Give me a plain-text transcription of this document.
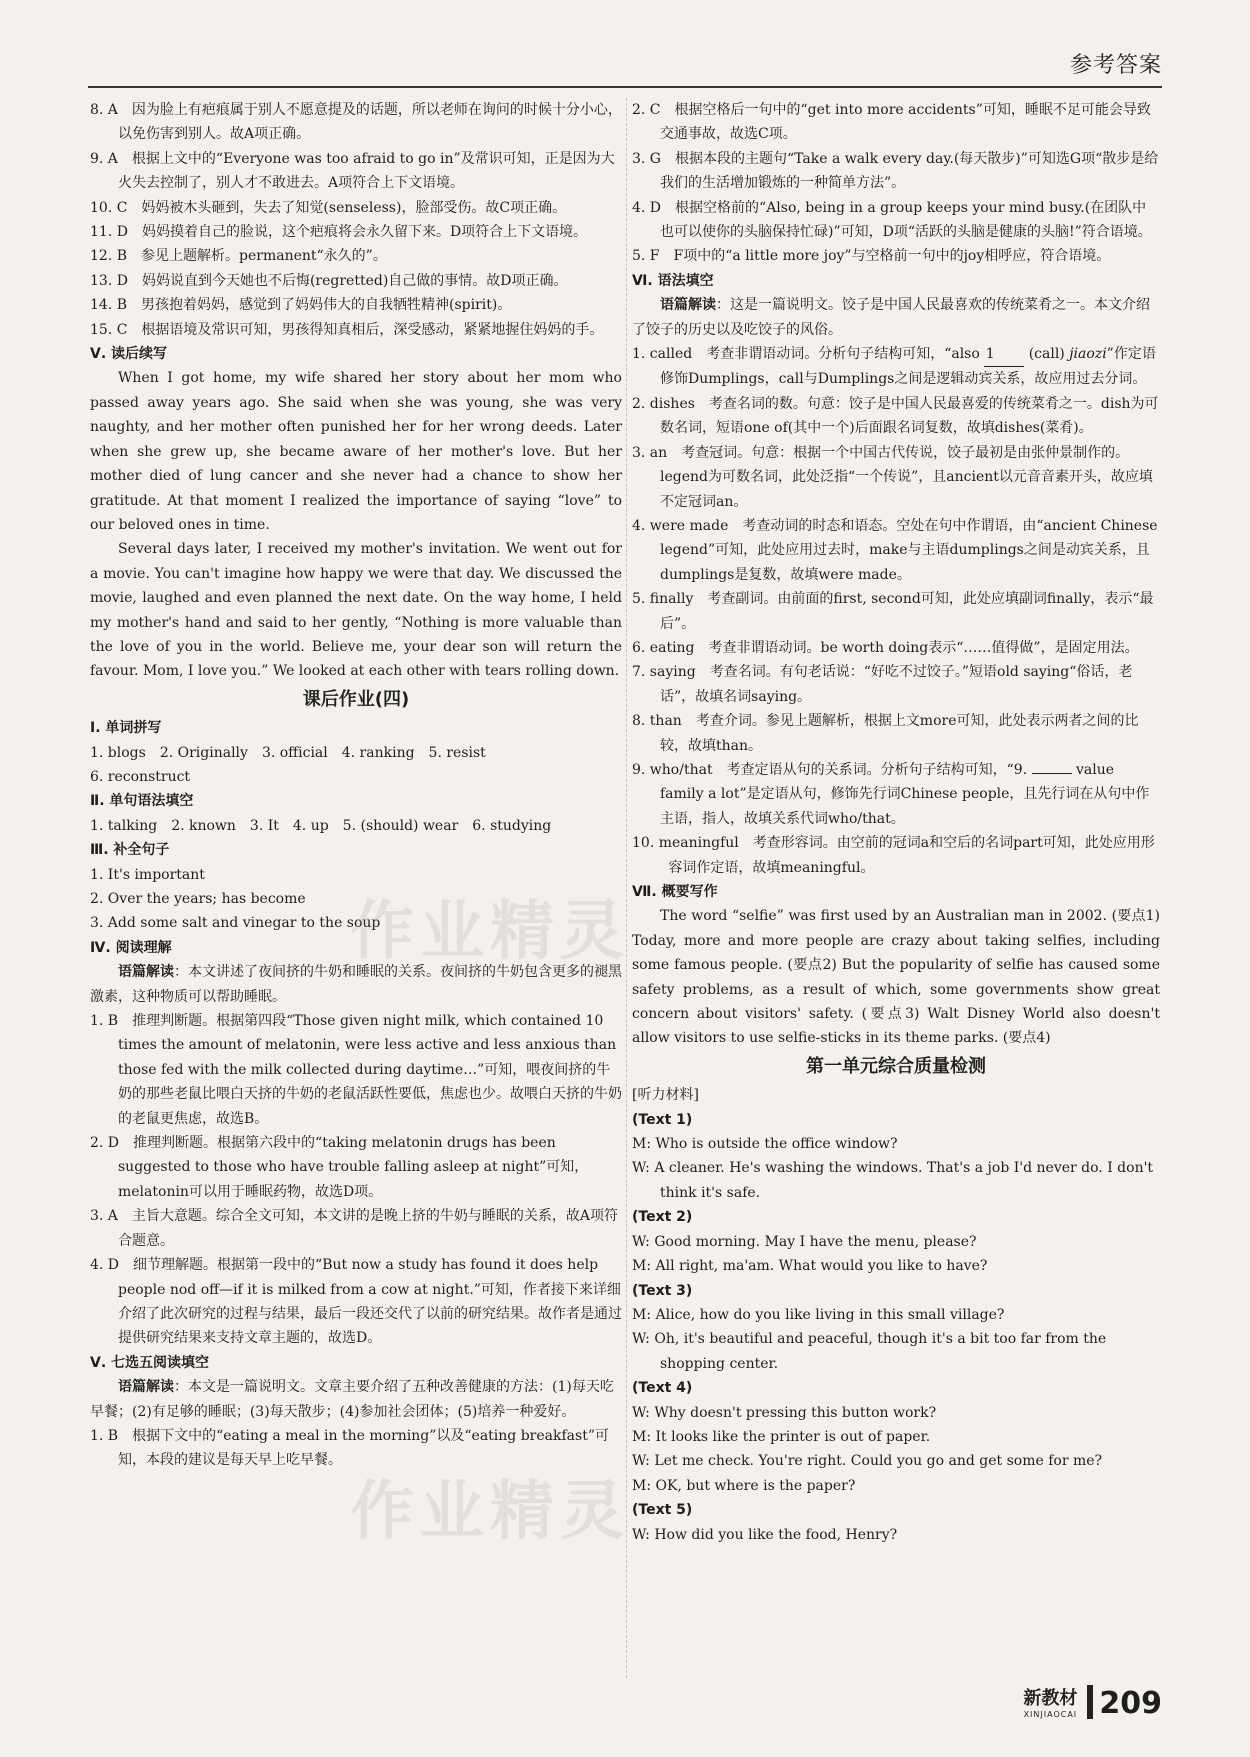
参考答案

8. A　因为脸上有疤痕属于别人不愿意提及的话题，所以老师在询问的时候十分小心，以免伤害到别人。故A项正确。

9. A　根据上文中的“Everyone was too afraid to go in”及常识可知，正是因为大火失去控制了，别人才不敢进去。A项符合上下文语境。

10. C　妈妈被木头砸到，失去了知觉(senseless)，脸部受伤。故C项正确。

11. D　妈妈摸着自己的脸说，这个疤痕将会永久留下来。D项符合上下文语境。

12. B　参见上题解析。permanent“永久的”。

13. D　妈妈说直到今天她也不后悔(regretted)自己做的事情。故D项正确。

14. B　男孩抱着妈妈，感觉到了妈妈伟大的自我牺牲精神(spirit)。

15. C　根据语境及常识可知，男孩得知真相后，深受感动，紧紧地握住妈妈的手。

Ⅴ. 读后续写

When I got home, my wife shared her story about her mom who passed away years ago. She said when she was young, she was very naughty, and her mother often punished her for her wrong deeds. Later when she grew up, she became aware of her mother's love. But her mother died of lung cancer and she never had a chance to show her gratitude. At that moment I realized the importance of saying “love” to our beloved ones in time.

Several days later, I received my mother's invitation. We went out for a movie. You can't imagine how happy we were that day. We discussed the movie, laughed and even planned the next date. On the way home, I held my mother's hand and said to her gently, “Nothing is more valuable than the love of you in the world. Believe me, your dear son will return the favour. Mom, I love you.” We looked at each other with tears rolling down.

课后作业(四)

Ⅰ. 单词拼写

1. blogs　2. Originally　3. official　4. ranking　5. resist

6. reconstruct

Ⅱ. 单句语法填空

1. talking　2. known　3. It　4. up　5. (should) wear　6. studying

Ⅲ. 补全句子

1. It's important

2. Over the years; has become

3. Add some salt and vinegar to the soup

Ⅳ. 阅读理解

语篇解读：本文讲述了夜间挤的牛奶和睡眠的关系。夜间挤的牛奶包含更多的褪黑激素，这种物质可以帮助睡眠。

1. B　推理判断题。根据第四段“Those given night milk, which contained 10 times the amount of melatonin, were less active and less anxious than those fed with the milk collected during daytime…”可知，喂夜间挤的牛奶的那些老鼠比喂白天挤的牛奶的老鼠活跃性要低，焦虑也少。故喂白天挤的牛奶的老鼠更焦虑，故选B。

2. D　推理判断题。根据第六段中的“taking melatonin drugs has been suggested to those who have trouble falling asleep at night”可知，melatonin可以用于睡眠药物，故选D项。

3. A　主旨大意题。综合全文可知，本文讲的是晚上挤的牛奶与睡眠的关系，故A项符合题意。

4. D　细节理解题。根据第一段中的“But now a study has found it does help people nod off—if it is milked from a cow at night.”可知，作者接下来详细介绍了此次研究的过程与结果，最后一段还交代了以前的研究结果。故作者是通过提供研究结果来支持文章主题的，故选D。

Ⅴ. 七选五阅读填空

语篇解读：本文是一篇说明文。文章主要介绍了五种改善健康的方法：(1)每天吃早餐；(2)有足够的睡眠；(3)每天散步；(4)参加社会团体；(5)培养一种爱好。

1. B　根据下文中的“eating a meal in the morning”以及“eating breakfast”可知，本段的建议是每天早上吃早餐。

2. C　根据空格后一句中的“get into more accidents”可知，睡眠不足可能会导致交通事故，故选C项。

3. G　根据本段的主题句“Take a walk every day.(每天散步)”可知选G项“散步是给我们的生活增加锻炼的一种简单方法”。

4. D　根据空格前的“Also, being in a group keeps your mind busy.(在团队中也可以使你的头脑保持忙碌)”可知，D项“活跃的头脑是健康的头脑!”符合语境。

5. F　F项中的“a little more joy”与空格前一句中的joy相呼应，符合语境。

Ⅵ. 语法填空

语篇解读：这是一篇说明文。饺子是中国人民最喜欢的传统菜肴之一。本文介绍了饺子的历史以及吃饺子的风俗。

1. called　考查非谓语动词。分析句子结构可知，“also 1 (call) jiaozi”作定语修饰Dumplings，call与Dumplings之间是逻辑动宾关系，故应用过去分词。

2. dishes　考查名词的数。句意：饺子是中国人民最喜爱的传统菜肴之一。dish为可数名词，短语one of(其中一个)后面跟名词复数，故填dishes(菜肴)。

3. an　考查冠词。句意：根据一个中国古代传说，饺子最初是由张仲景制作的。legend为可数名词，此处泛指“一个传说”，且ancient以元音音素开头，故应填不定冠词an。

4. were made　考查动词的时态和语态。空处在句中作谓语，由“ancient Chinese legend”可知，此处应用过去时，make与主语dumplings之间是动宾关系，且dumplings是复数，故填were made。

5. finally　考查副词。由前面的first, second可知，此处应填副词finally，表示“最后”。

6. eating　考查非谓语动词。be worth doing表示“……值得做”，是固定用法。

7. saying　考查名词。有句老话说：“好吃不过饺子。”短语old saying“俗话，老话”，故填名词saying。

8. than　考查介词。参见上题解析，根据上文more可知，此处表示两者之间的比较，故填than。

9. who/that　考查定语从句的关系词。分析句子结构可知，“9.	value family a lot”是定语从句，修饰先行词Chinese people，且先行词在从句中作主语，指人，故填关系代词who/that。

10. meaningful　考查形容词。由空前的冠词a和空后的名词part可知，此处应用形容词作定语，故填meaningful。

Ⅶ. 概要写作

The word “selfie” was first used by an Australian man in 2002. (要点1) Today, more and more people are crazy about taking selfies, including some famous people. (要点2) But the popularity of selfie has caused some safety problems, as a result of which, some governments show great concern about visitors' safety. (要点3) Walt Disney World also doesn't allow visitors to use selfie-sticks in its theme parks. (要点4)

第一单元综合质量检测

[听力材料]

(Text 1)

M: Who is outside the office window?

W: A cleaner. He's washing the windows. That's a job I'd never do. I don't think it's safe.

(Text 2)

W: Good morning. May I have the menu, please?

M: All right, ma'am. What would you like to have?

(Text 3)

M: Alice, how do you like living in this small village?

W: Oh, it's beautiful and peaceful, though it's a bit too far from the shopping center.

(Text 4)

W: Why doesn't pressing this button work?

M: It looks like the printer is out of paper.

W: Let me check. You're right. Could you go and get some for me?

M: OK, but where is the paper?

(Text 5)

W: How did you like the food, Henry?

作业精灵
作业精灵
新教材
XINJIAOCAI 209
